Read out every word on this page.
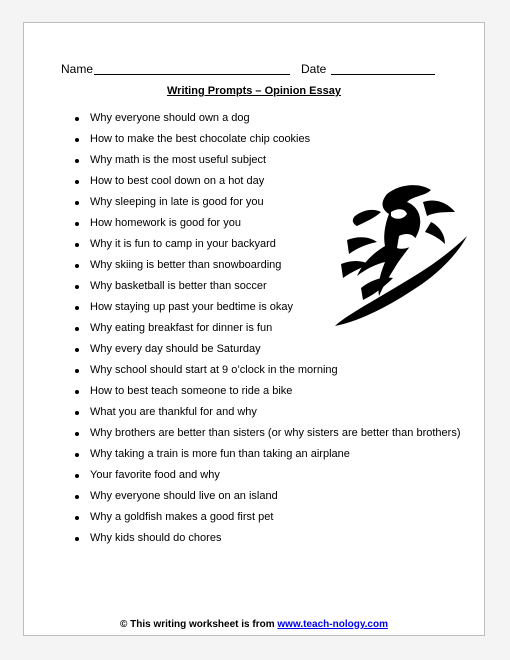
Name	Date
Writing Prompts – Opinion Essay
Why everyone should own a dog
How to make the best chocolate chip cookies
Why math is the most useful subject
How to best cool down on a hot day
Why sleeping in late is good for you
How homework is good for you
Why it is fun to camp in your backyard
Why skiing is better than snowboarding
Why basketball is better than soccer
How staying up past your bedtime is okay
Why eating breakfast for dinner is fun
Why every day should be Saturday
Why school should start at 9 o’clock in the morning
How to best teach someone to ride a bike
What you are thankful for and why
Why brothers are better than sisters (or why sisters are better than brothers)
Why taking a train is more fun than taking an airplane
Your favorite food and why
Why everyone should live on an island
Why a goldfish makes a good first pet
Why kids should do chores
© This writing worksheet is from www.teach-nology.com
